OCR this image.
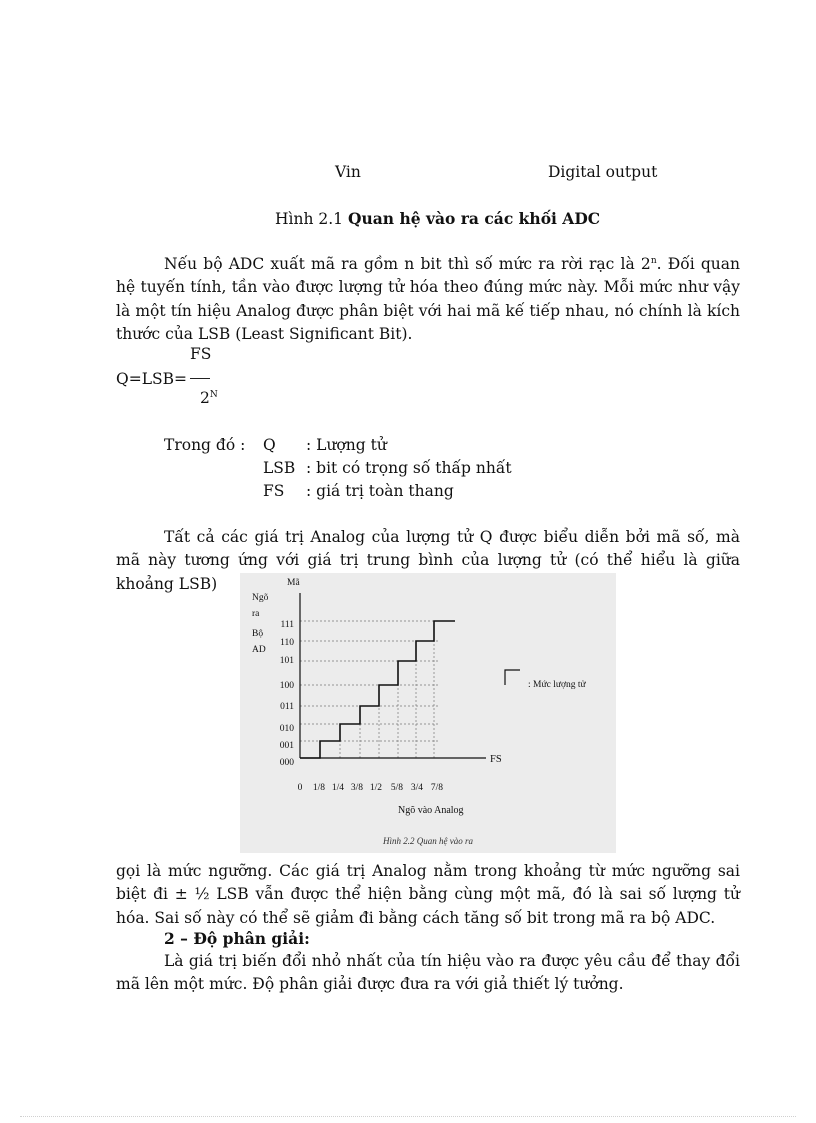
Vin	Digital output
Hình 2.1 Quan hệ vào ra các khối ADC
Nếu bộ ADC xuất mã ra gồm n bit thì số mức ra rời rạc là 2$^n$. Đối quan hệ tuyến tính, tần vào được lượng tử hóa theo đúng mức này. Mỗi mức như vậy là một tín hiệu Analog được phân biệt với hai mã kế tiếp nhau, nó chính là kích thước của LSB (Least Significant Bit).
FS
Q=LSB=
$2^N$
Trong đó : Q : Lượng tử
LSB : bit có trọng số thấp nhất
FS : giá trị toàn thang
Tất cả các giá trị Analog của lượng tử Q được biểu diễn bởi mã số, mà mã này tương ứng với giá trị trung bình của lượng tử (có thể hiểu là giữa khoảng LSB)	Mã
Ngõ
ra
Bộ
AD
FS
000
001
010
011
100
101
110
111
0 1/8 1/4 3/8 1/2 5/8 3/4 7/8
Ngõ vào Analog
: Mức lượng tử
Hình 2.2 Quan hệ vào ra
gọi là mức ngưỡng. Các giá trị Analog nằm trong khoảng từ mức ngưỡng sai biệt đi ± ½ LSB vẫn được thể hiện bằng cùng một mã, đó là sai số lượng tử hóa. Sai số này có thể sẽ giảm đi bằng cách tăng số bit trong mã ra bộ ADC.
2 – Độ phân giải:
Là giá trị biến đổi nhỏ nhất của tín hiệu vào ra được yêu cầu để thay đổi mã lên một mức. Độ phân giải được đưa ra với giả thiết lý tưởng.
